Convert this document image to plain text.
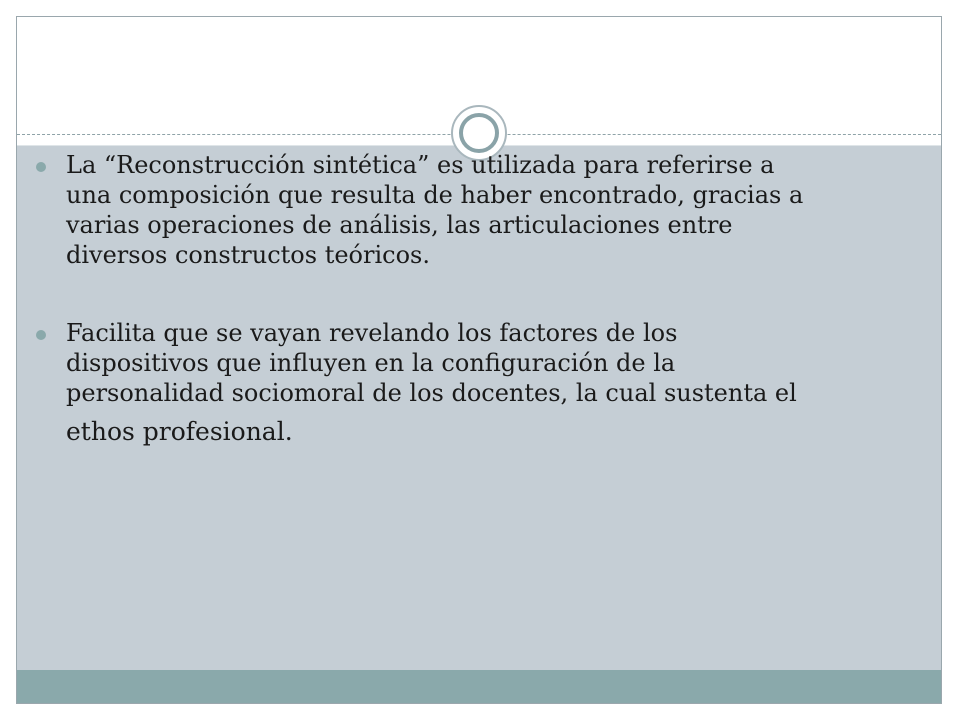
La “Reconstrucción sintética” es utilizada para referirse a
una composición que resulta de haber encontrado, gracias a
varias operaciones de análisis, las articulaciones entre
diversos constructos teóricos.
Facilita que se vayan revelando los factores de los
dispositivos que influyen en la configuración de la
personalidad sociomoral de los docentes, la cual sustenta el
ethos profesional.
